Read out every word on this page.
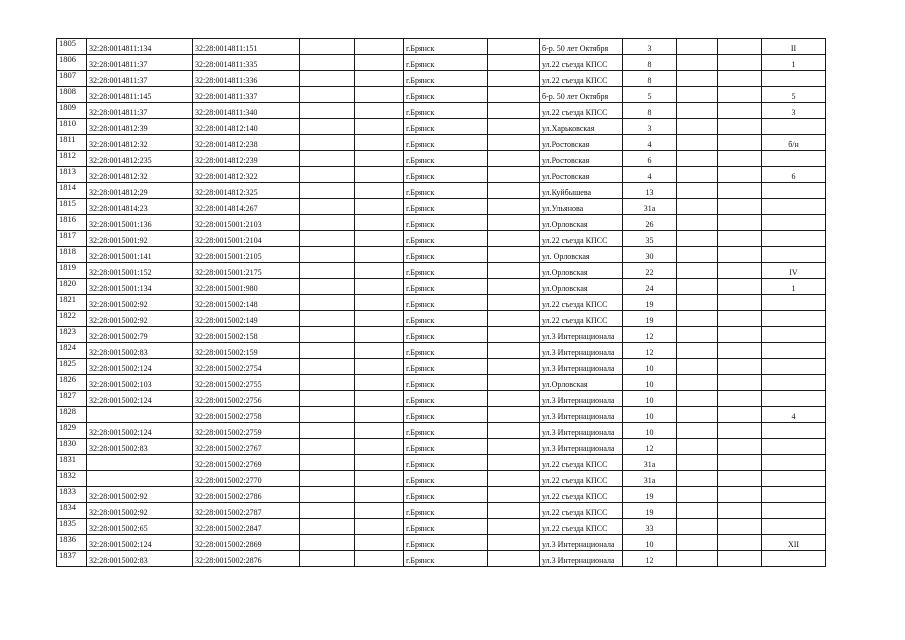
1805	32:28:0014811:134	32:28:0014811:151			г.Брянск		б-р. 50 лет Октября	3			II
1806	32:28:0014811:37	32:28:0014811:335			г.Брянск		ул.22 съезда КПСС	8			1
1807	32:28:0014811:37	32:28:0014811:336			г.Брянск		ул.22 съезда КПСС	8			
1808	32:28:0014811:145	32:28:0014811:337			г.Брянск		б-р. 50 лет Октября	5			5
1809	32:28:0014811:37	32:28:0014811:340			г.Брянск		ул.22 съезда КПСС	8			3
1810	32:28:0014812:39	32:28:0014812:140			г.Брянск		ул.Харьковская	3			
1811	32:28:0014812:32	32:28:0014812:238			г.Брянск		ул.Ростовская	4			б/н
1812	32:28:0014812:235	32:28:0014812:239			г.Брянск		ул.Ростовская	6			
1813	32:28:0014812:32	32:28:0014812:322			г.Брянск		ул.Ростовская	4			6
1814	32:28:0014812:29	32:28:0014812:325			г.Брянск		ул.Куйбышева	13			
1815	32:28:0014814:23	32:28:0014814:267			г.Брянск		ул.Ульянова	31а			
1816	32:28:0015001:136	32:28:0015001:2103			г.Брянск		ул.Орловская	26			
1817	32:28:0015001:92	32:28:0015001:2104			г.Брянск		ул.22 съезда КПСС	35			
1818	32:28:0015001:141	32:28:0015001:2105			г.Брянск		ул. Орловская	30			
1819	32:28:0015001:152	32:28:0015001:2175			г.Брянск		ул.Орловская	22			IV
1820	32:28:0015001:134	32:28:0015001:980			г.Брянск		ул.Орловская	24			1
1821	32:28:0015002:92	32:28:0015002:148			г.Брянск		ул.22 съезда КПСС	19			
1822	32:28:0015002:92	32:28:0015002:149			г.Брянск		ул.22 съезда КПСС	19			
1823	32:28:0015002:79	32:28:0015002:158			г.Брянск		ул.3 Интернационала	12			
1824	32:28:0015002:83	32:28:0015002:159			г.Брянск		ул.3 Интернационала	12			
1825	32:28:0015002:124	32:28:0015002:2754			г.Брянск		ул.3 Интернационала	10			
1826	32:28:0015002:103	32:28:0015002:2755			г.Брянск		ул.Орловская	10			
1827	32:28:0015002:124	32:28:0015002:2756			г.Брянск		ул.3 Интернационала	10			
1828		32:28:0015002:2758			г.Брянск		ул.3 Интернационала	10			4
1829	32:28:0015002:124	32:28:0015002:2759			г.Брянск		ул.3 Интернационала	10			
1830	32:28:0015002:83	32:28:0015002:2767			г.Брянск		ул.3 Интернационала	12			
1831		32:28:0015002:2769			г.Брянск		ул.22 съезда КПСС	31а			
1832		32:28:0015002:2770			г.Брянск		ул.22 съезда КПСС	31а			
1833	32:28:0015002:92	32:28:0015002:2786			г.Брянск		ул.22 съезда КПСС	19			
1834	32:28:0015002:92	32:28:0015002:2787			г.Брянск		ул.22 съезда КПСС	19			
1835	32:28:0015002:65	32:28:0015002:2847			г.Брянск		ул.22 съезда КПСС	33			
1836	32:28:0015002:124	32:28:0015002:2869			г.Брянск		ул.3 Интернационала	10			XII
1837	32:28:0015002:83	32:28:0015002:2876			г.Брянск		ул.3 Интернационала	12			
